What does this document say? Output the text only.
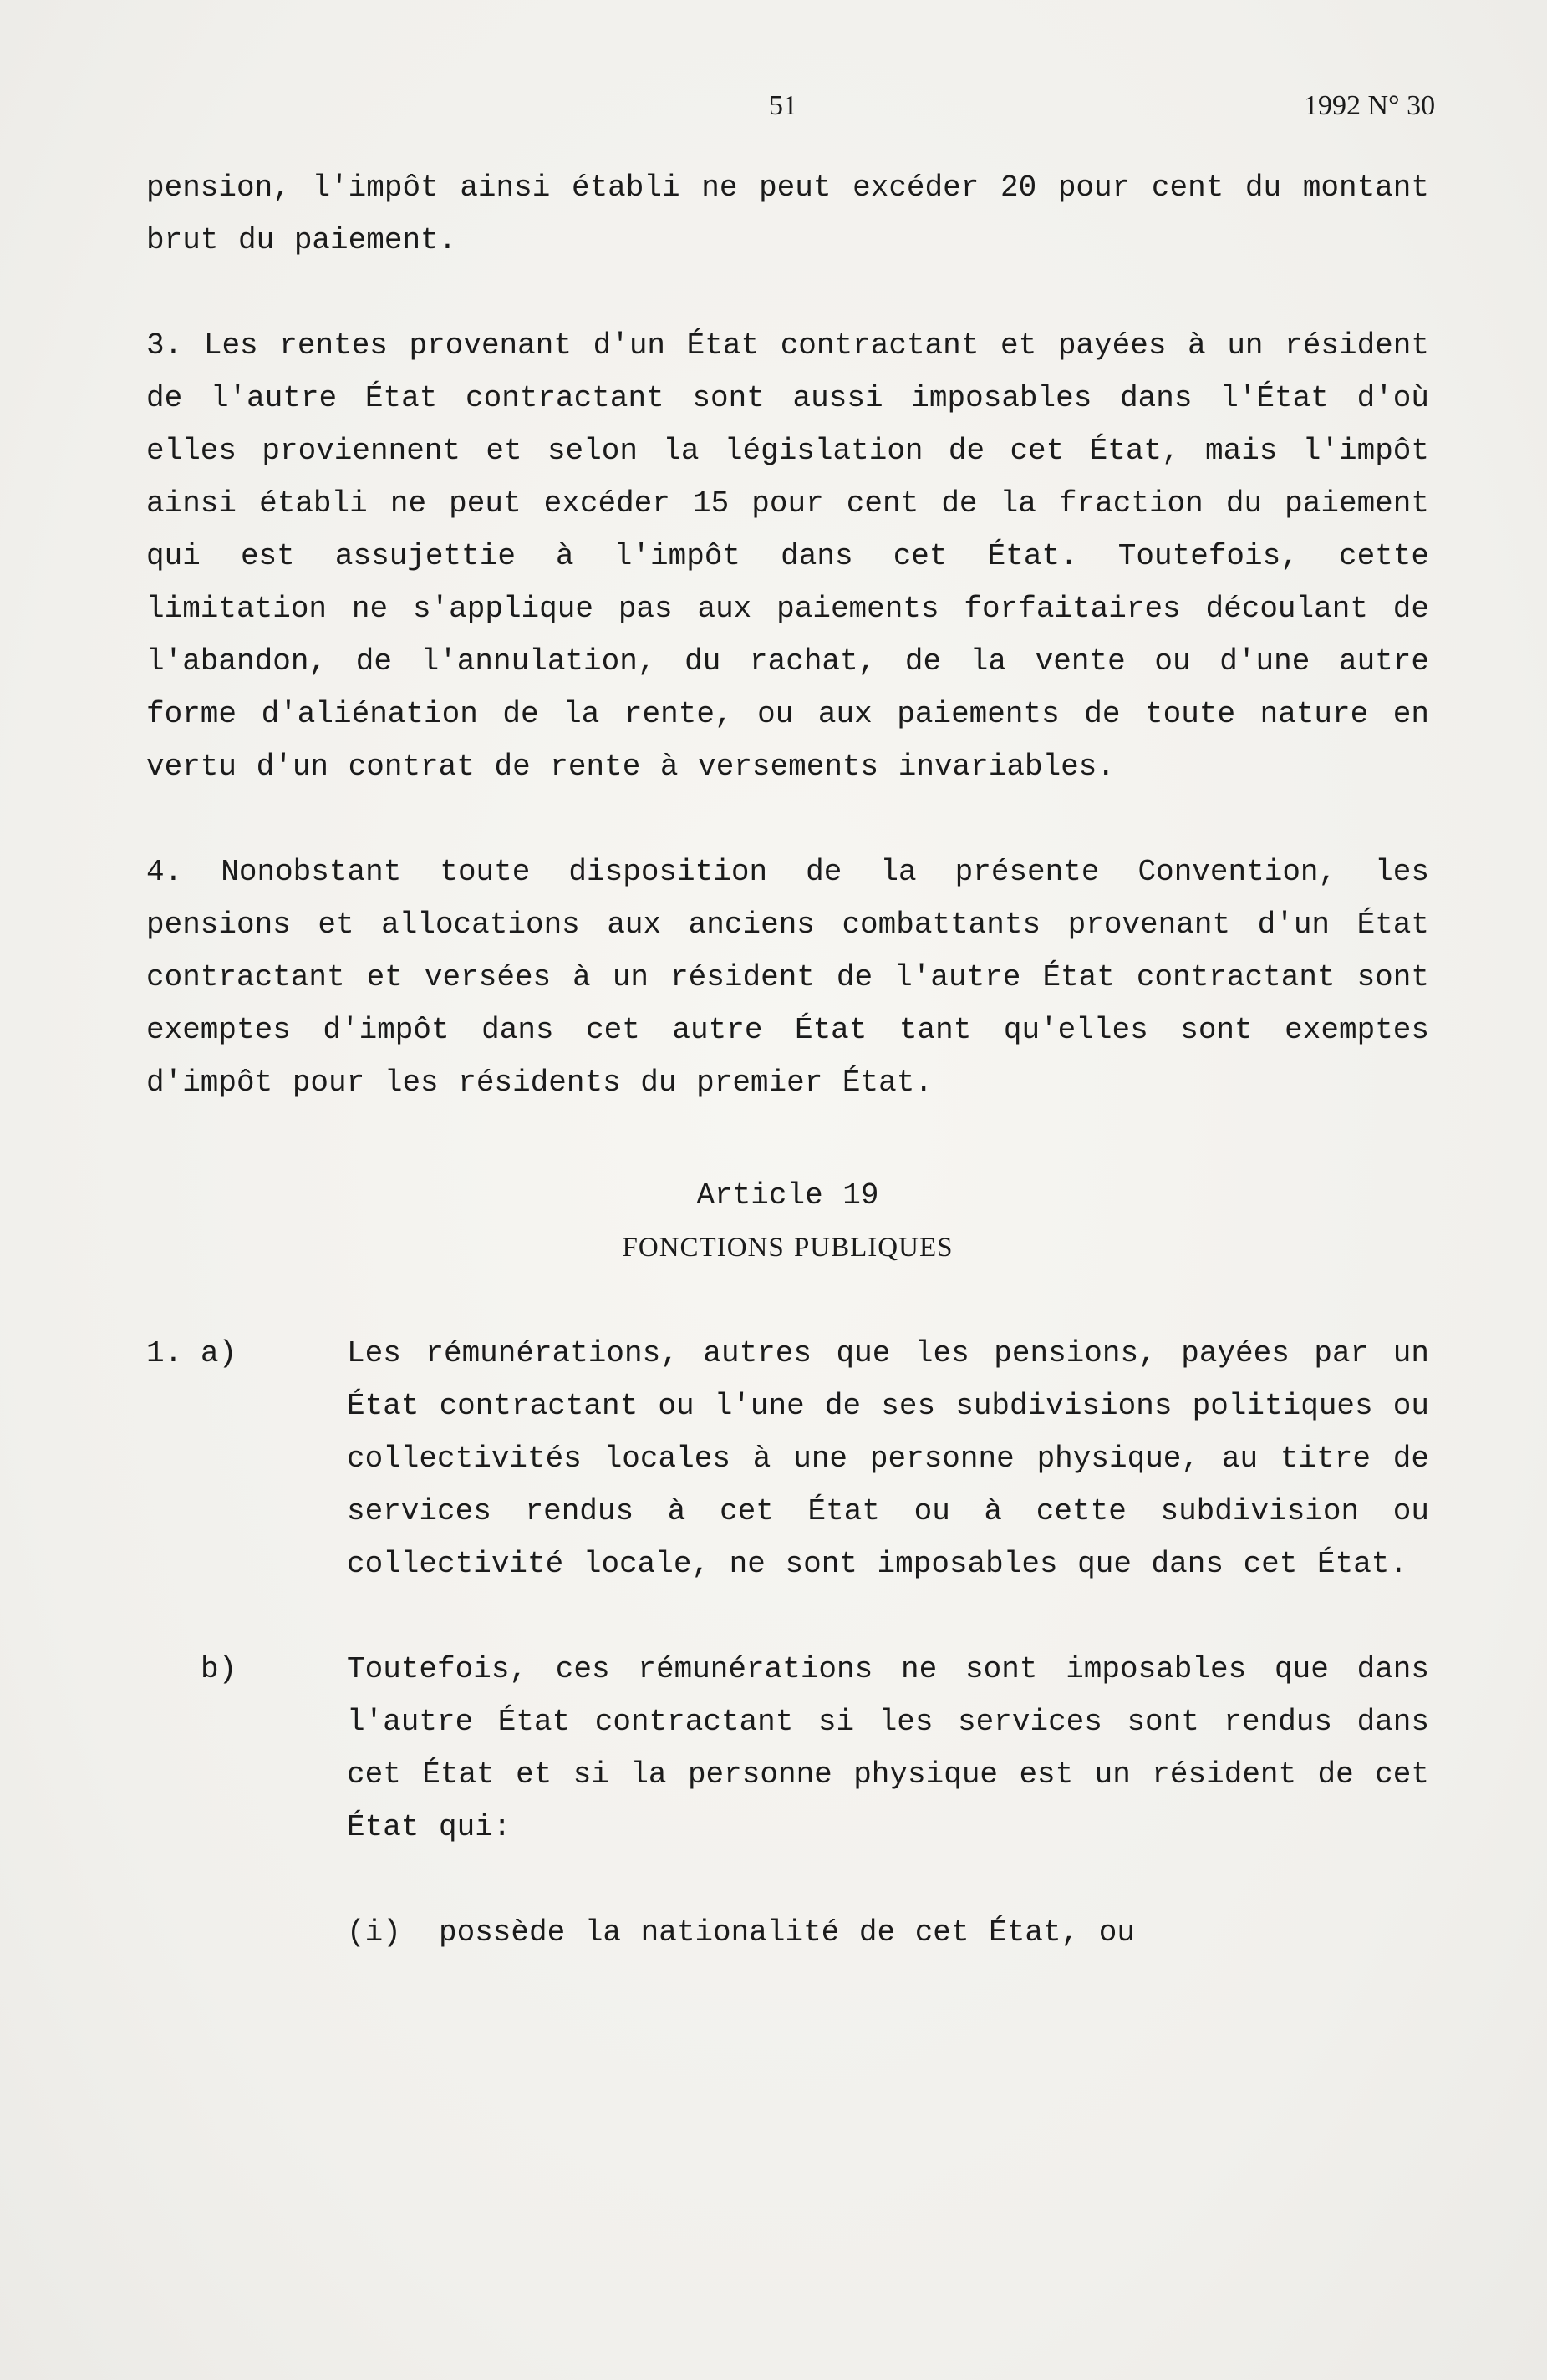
51	1992 N° 30

pension, l'impôt ainsi établi ne peut excéder 20 pour cent du montant brut du paiement.

3. Les rentes provenant d'un État contractant et payées à un résident de l'autre État contractant sont aussi imposables dans l'État d'où elles proviennent et selon la législation de cet État, mais l'impôt ainsi établi ne peut excéder 15 pour cent de la fraction du paiement qui est assujettie à l'impôt dans cet État. Toutefois, cette limitation ne s'applique pas aux paiements forfaitaires découlant de l'abandon, de l'annulation, du rachat, de la vente ou d'une autre forme d'aliénation de la rente, ou aux paiements de toute nature en vertu d'un contrat de rente à versements invariables.

4. Nonobstant toute disposition de la présente Convention, les pensions et allocations aux anciens combattants provenant d'un État contractant et versées à un résident de l'autre État contractant sont exemptes d'impôt dans cet autre État tant qu'elles sont exemptes d'impôt pour les résidents du premier État.

Article 19

FONCTIONS PUBLIQUES

1. a)	Les rémunérations, autres que les pensions, payées par un État contractant ou l'une de ses subdivisions politiques ou collectivités locales à une personne physique, au titre de services rendus à cet État ou à cette subdivision ou collectivité locale, ne sont imposables que dans cet État.

b)	Toutefois, ces rémunérations ne sont imposables que dans l'autre État contractant si les services sont rendus dans cet État et si la personne physique est un résident de cet État qui:

(i)	possède la nationalité de cet État, ou
